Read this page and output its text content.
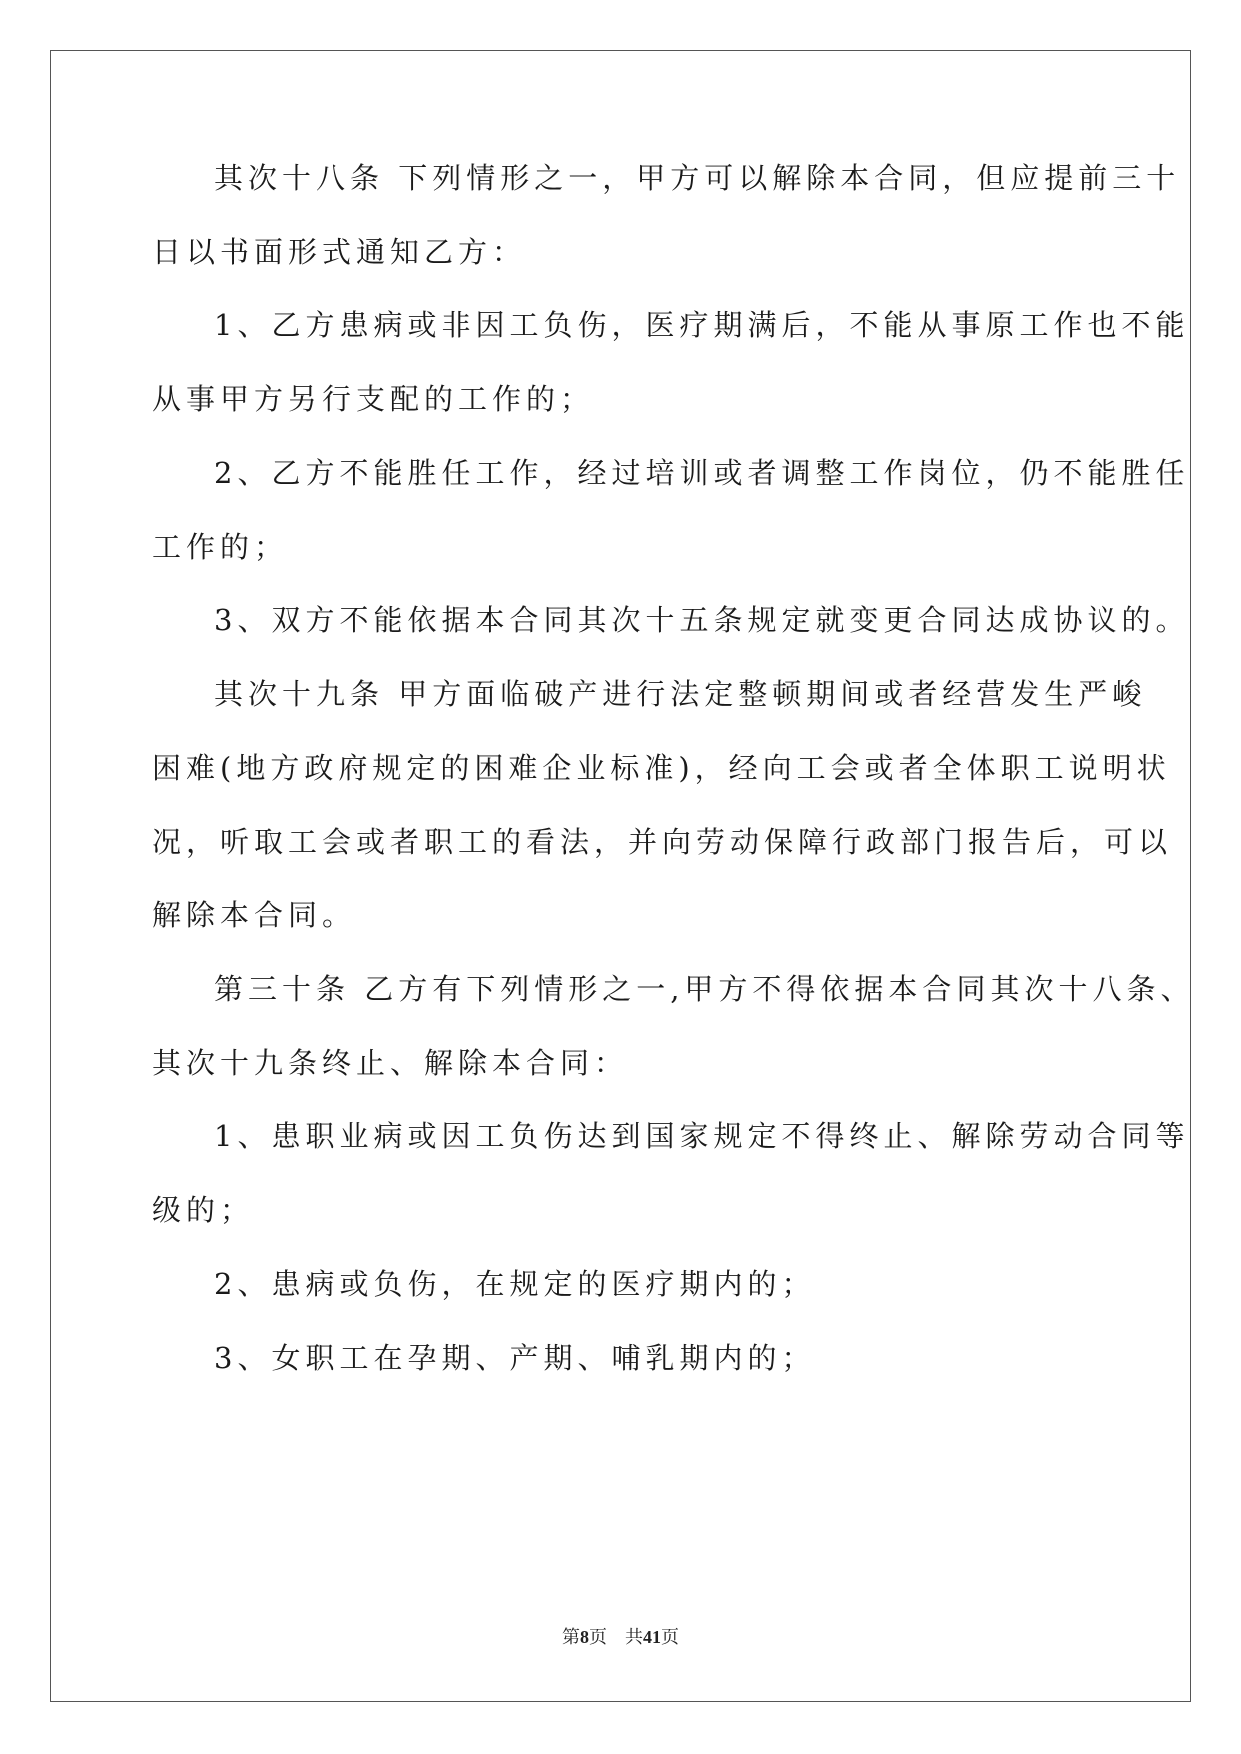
其次十八条 下列情形之一，甲方可以解除本合同，但应提前三十
日以书面形式通知乙方：
1、乙方患病或非因工负伤，医疗期满后，不能从事原工作也不能
从事甲方另行支配的工作的；
2、乙方不能胜任工作，经过培训或者调整工作岗位，仍不能胜任
工作的；
3、双方不能依据本合同其次十五条规定就变更合同达成协议的。
其次十九条 甲方面临破产进行法定整顿期间或者经营发生严峻
困难(地方政府规定的困难企业标准)，经向工会或者全体职工说明状
况，听取工会或者职工的看法，并向劳动保障行政部门报告后，可以
解除本合同。
第三十条 乙方有下列情形之一,甲方不得依据本合同其次十八条、
其次十九条终止、解除本合同：
1、患职业病或因工负伤达到国家规定不得终止、解除劳动合同等
级的；
2、患病或负伤，在规定的医疗期内的；
3、女职工在孕期、产期、哺乳期内的；
第8页 共41页
